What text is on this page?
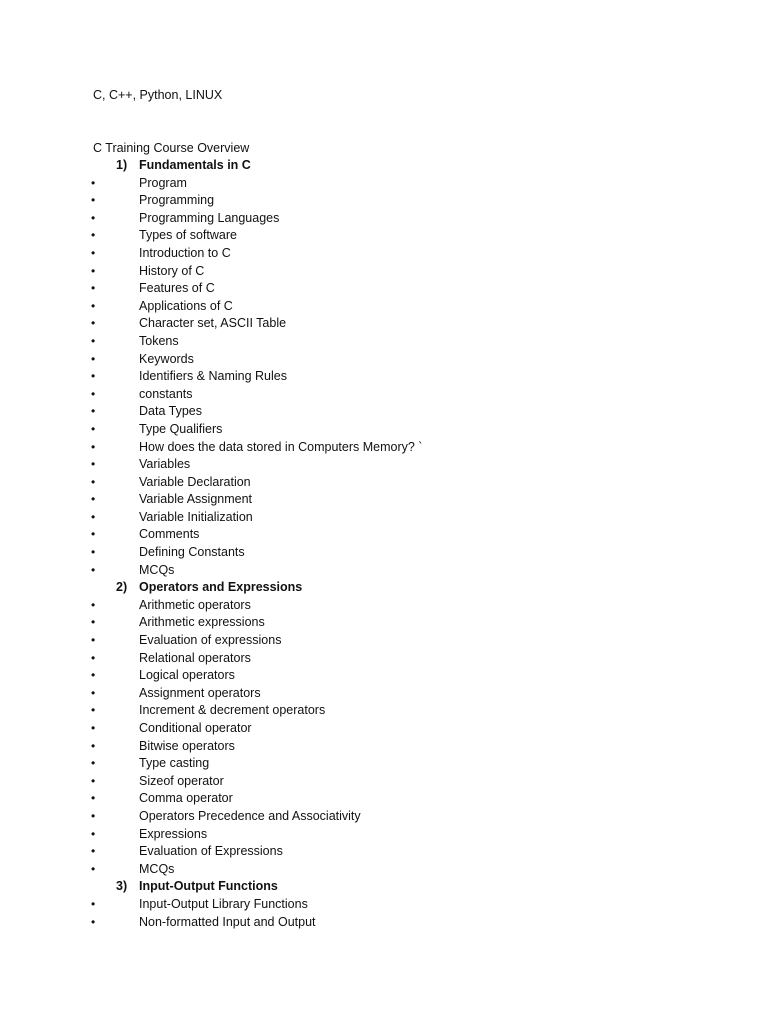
C, C++, Python, LINUX
C Training Course Overview
1) Fundamentals in C
•	Program
•	Programming
•	Programming Languages
•	Types of software
•	Introduction to C
•	History of C
•	Features of C
•	Applications of C
•	Character set, ASCII Table
•	Tokens
•	Keywords
•	Identifiers & Naming Rules
•	constants
•	Data Types
•	Type Qualifiers
•	How does the data stored in Computers Memory? `
•	Variables
•	Variable Declaration
•	Variable Assignment
•	Variable Initialization
•	Comments
•	Defining Constants
•	MCQs
2) Operators and Expressions
•	Arithmetic operators
•	Arithmetic expressions
•	Evaluation of expressions
•	Relational operators
•	Logical operators
•	Assignment operators
•	Increment & decrement operators
•	Conditional operator
•	Bitwise operators
•	Type casting
•	Sizeof operator
•	Comma operator
•	Operators Precedence and Associativity
•	Expressions
•	Evaluation of Expressions
•	MCQs
3) Input-Output Functions
•	Input-Output Library Functions
•	Non-formatted Input and Output
